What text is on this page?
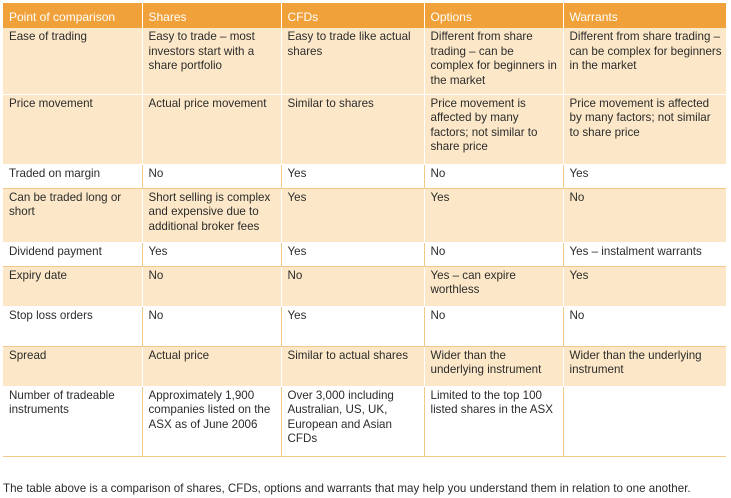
Point of comparison	Shares	CFDs	Options	Warrants
Ease of trading	Easy to trade – most investors start with a share portfolio	Easy to trade like actual shares	Different from share trading – can be complex for beginners in the market	Different from share trading – can be complex for beginners in the market
Price movement	Actual price movement	Similar to shares	Price movement is affected by many factors; not similar to share price	Price movement is affected by many factors; not similar to share price
Traded on margin	No	Yes	No	Yes
Can be traded long or short	Short selling is complex and expensive due to additional broker fees	Yes	Yes	No
Dividend payment	Yes	Yes	No	Yes – instalment warrants
Expiry date	No	No	Yes – can expire worthless	Yes
Stop loss orders	No	Yes	No	No
Spread	Actual price	Similar to actual shares	Wider than the underlying instrument	Wider than the underlying instrument
Number of tradeable instruments	Approximately 1,900 companies listed on the ASX as of June 2006	Over 3,000 including Australian, US, UK, European and Asian CFDs	Limited to the top 100 listed shares in the ASX	
The table above is a comparison of shares, CFDs, options and warrants that may help you understand them in relation to one another.
